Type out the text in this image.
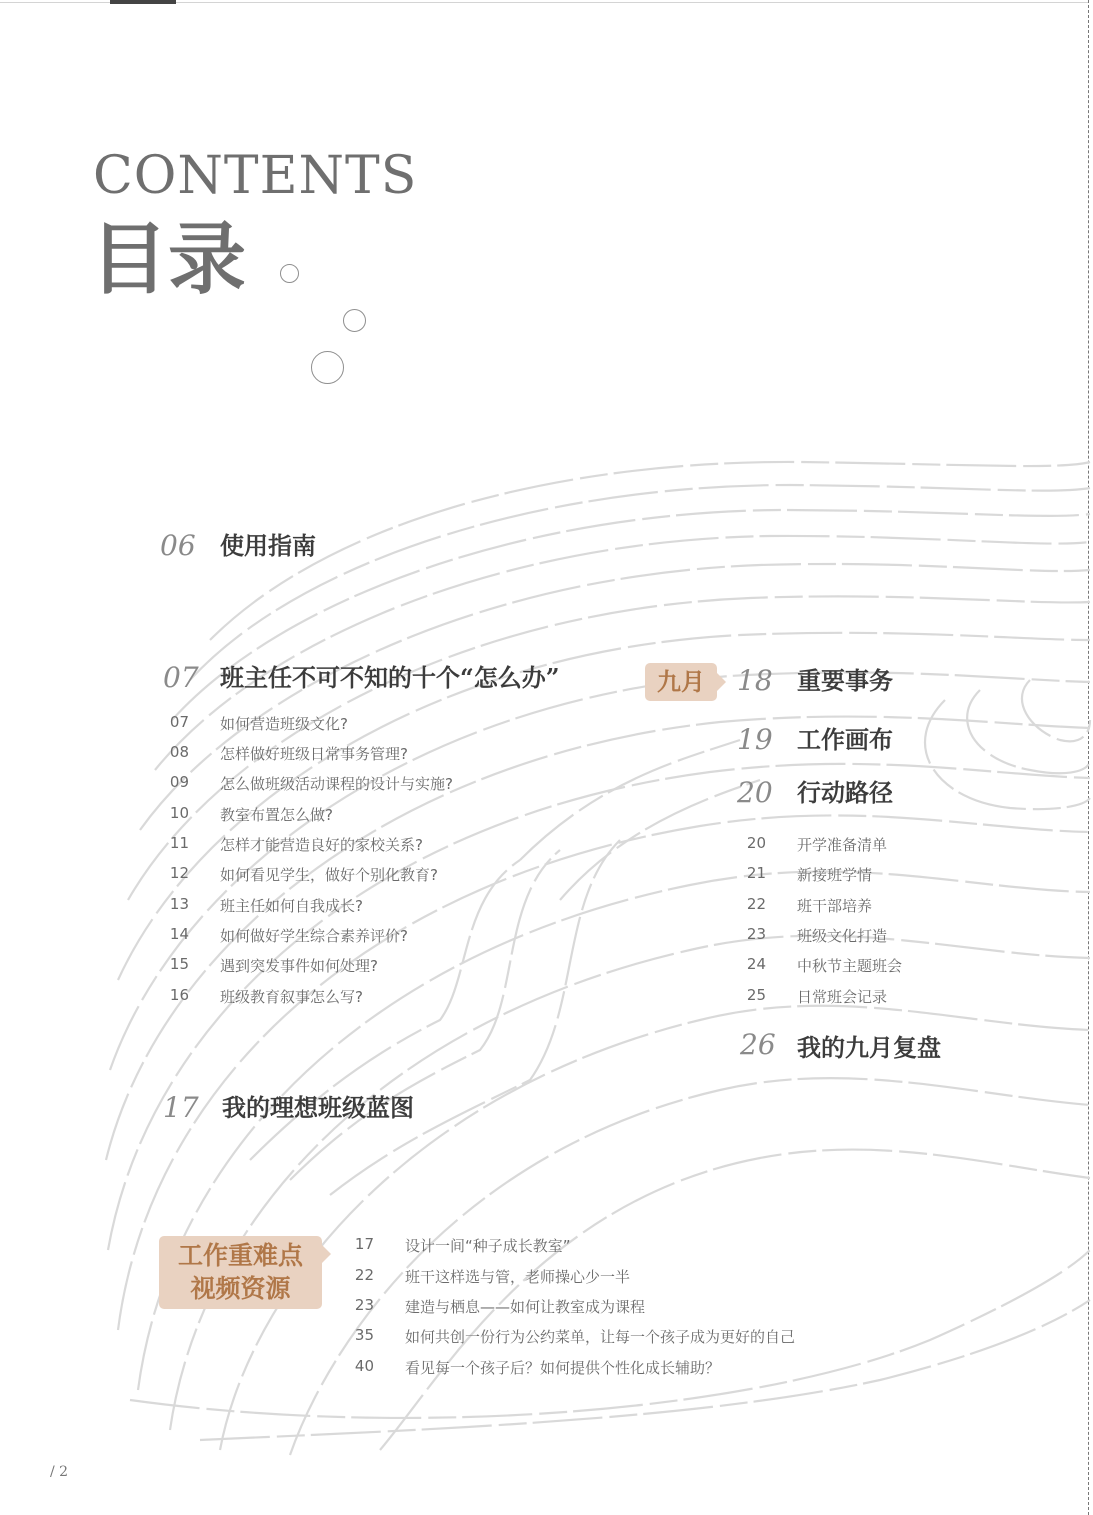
CONTENTS
目录
06 使用指南
07 班主任不可不知的十个“怎么办”
07 如何营造班级文化?
08 怎样做好班级日常事务管理?
09 怎么做班级活动课程的设计与实施?
10 教室布置怎么做?
11 怎样才能营造良好的家校关系?
12 如何看见学生，做好个别化教育?
13 班主任如何自我成长?
14 如何做好学生综合素养评价?
15 遇到突发事件如何处理?
16 班级教育叙事怎么写?
17 我的理想班级蓝图
九月	18 重要事务
19 工作画布
20 行动路径
20 开学准备清单
21 新接班学情
22 班干部培养
23 班级文化打造
24 中秋节主题班会
25 日常班会记录
26 我的九月复盘
工作重难点
视频资源
17 设计一间“种子成长教室”
22 班干这样选与管，老师操心少一半
23 建造与栖息——如何让教室成为课程
35 如何共创一份行为公约菜单，让每一个孩子成为更好的自己
40 看见每一个孩子后？如何提供个性化成长辅助？
/ 2
